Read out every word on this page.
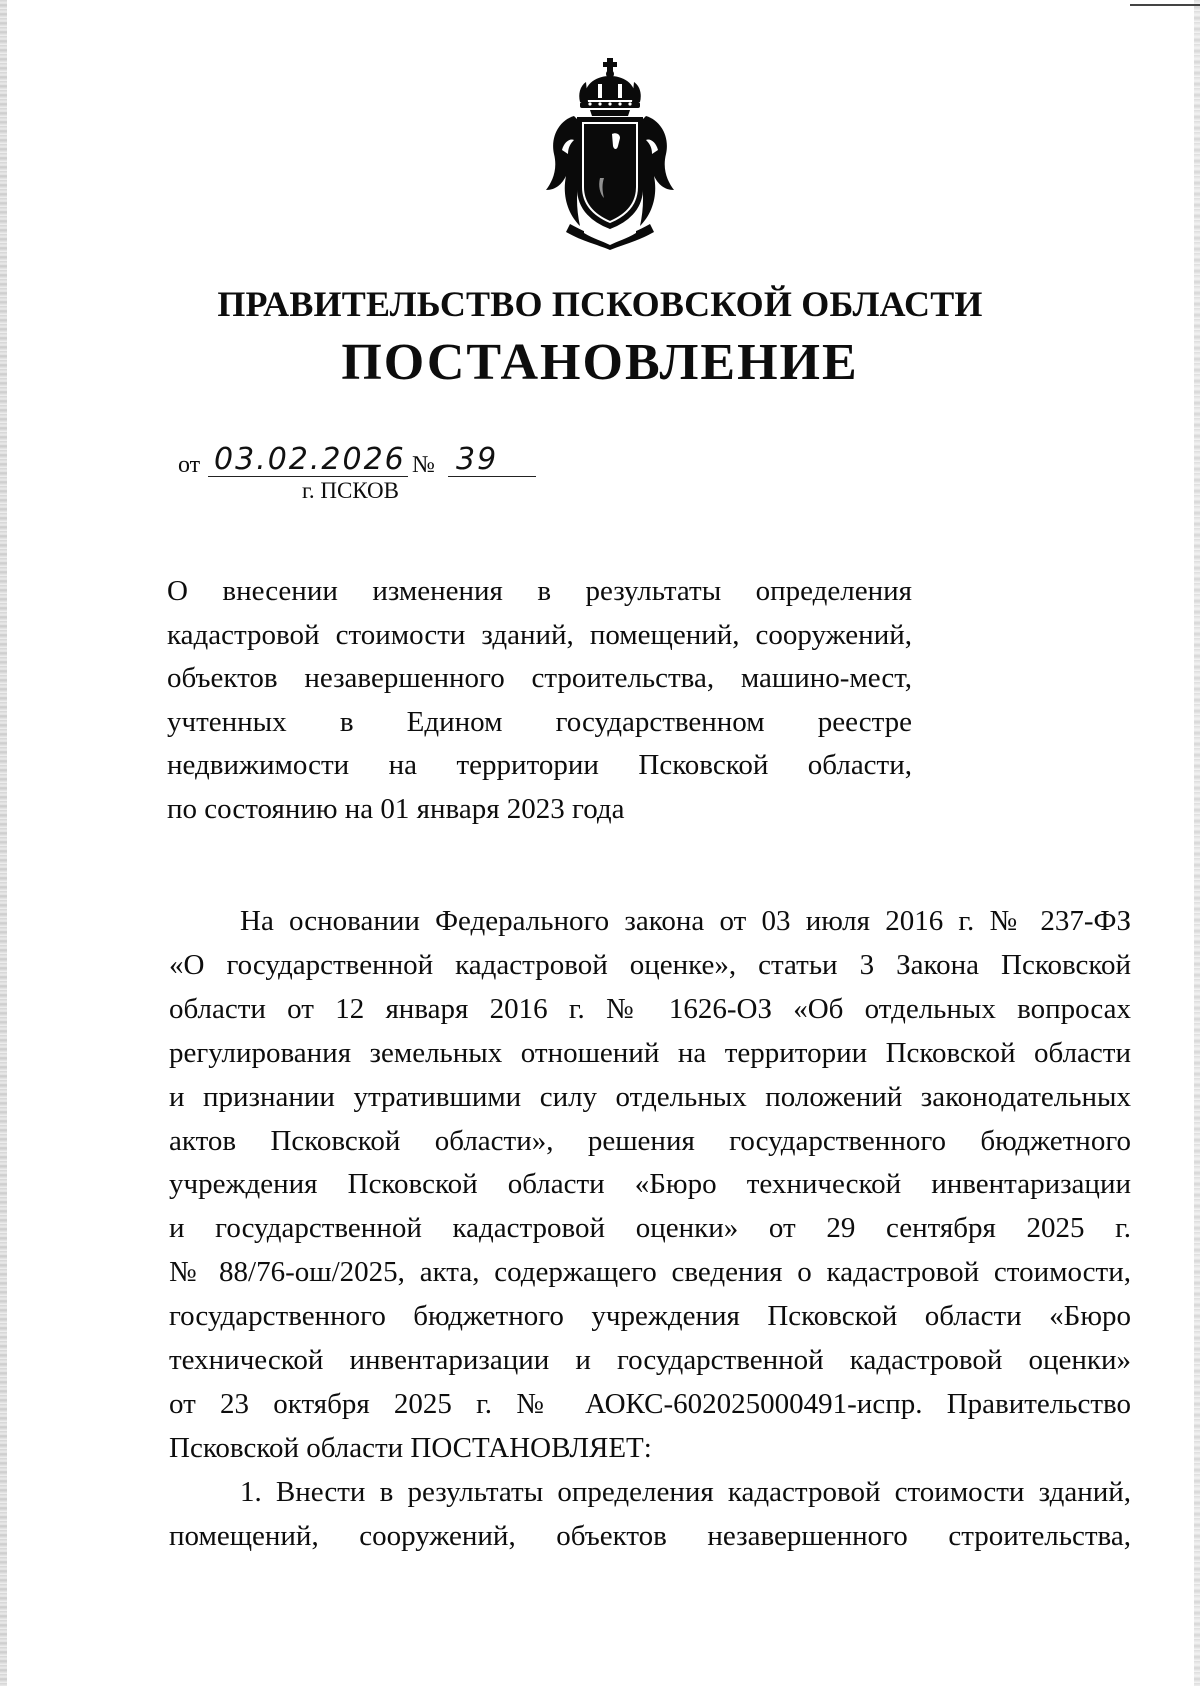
ПРАВИТЕЛЬСТВО ПСКОВСКОЙ ОБЛАСТИ
ПОСТАНОВЛЕНИЕ
от 03.02.2026 № 39
г. ПСКОВ
О внесении изменения в результаты определения
кадастровой стоимости зданий, помещений, сооружений,
объектов незавершенного строительства, машино-мест,
учтенных в Едином государственном реестре
недвижимости на территории Псковской области,
по состоянию на 01 января 2023 года
На основании Федерального закона от 03 июля 2016 г. № 237-ФЗ
«О государственной кадастровой оценке», статьи 3 Закона Псковской
области от 12 января 2016 г. № 1626-ОЗ «Об отдельных вопросах
регулирования земельных отношений на территории Псковской области
и признании утратившими силу отдельных положений законодательных
актов Псковской области», решения государственного бюджетного
учреждения Псковской области «Бюро технической инвентаризации
и государственной кадастровой оценки» от 29 сентября 2025 г.
№ 88/76-ош/2025, акта, содержащего сведения о кадастровой стоимости,
государственного бюджетного учреждения Псковской области «Бюро
технической инвентаризации и государственной кадастровой оценки»
от 23 октября 2025 г. № АОКС-602025000491-испр. Правительство
Псковской области ПОСТАНОВЛЯЕТ:
1. Внести в результаты определения кадастровой стоимости зданий,
помещений, сооружений, объектов незавершенного строительства,
